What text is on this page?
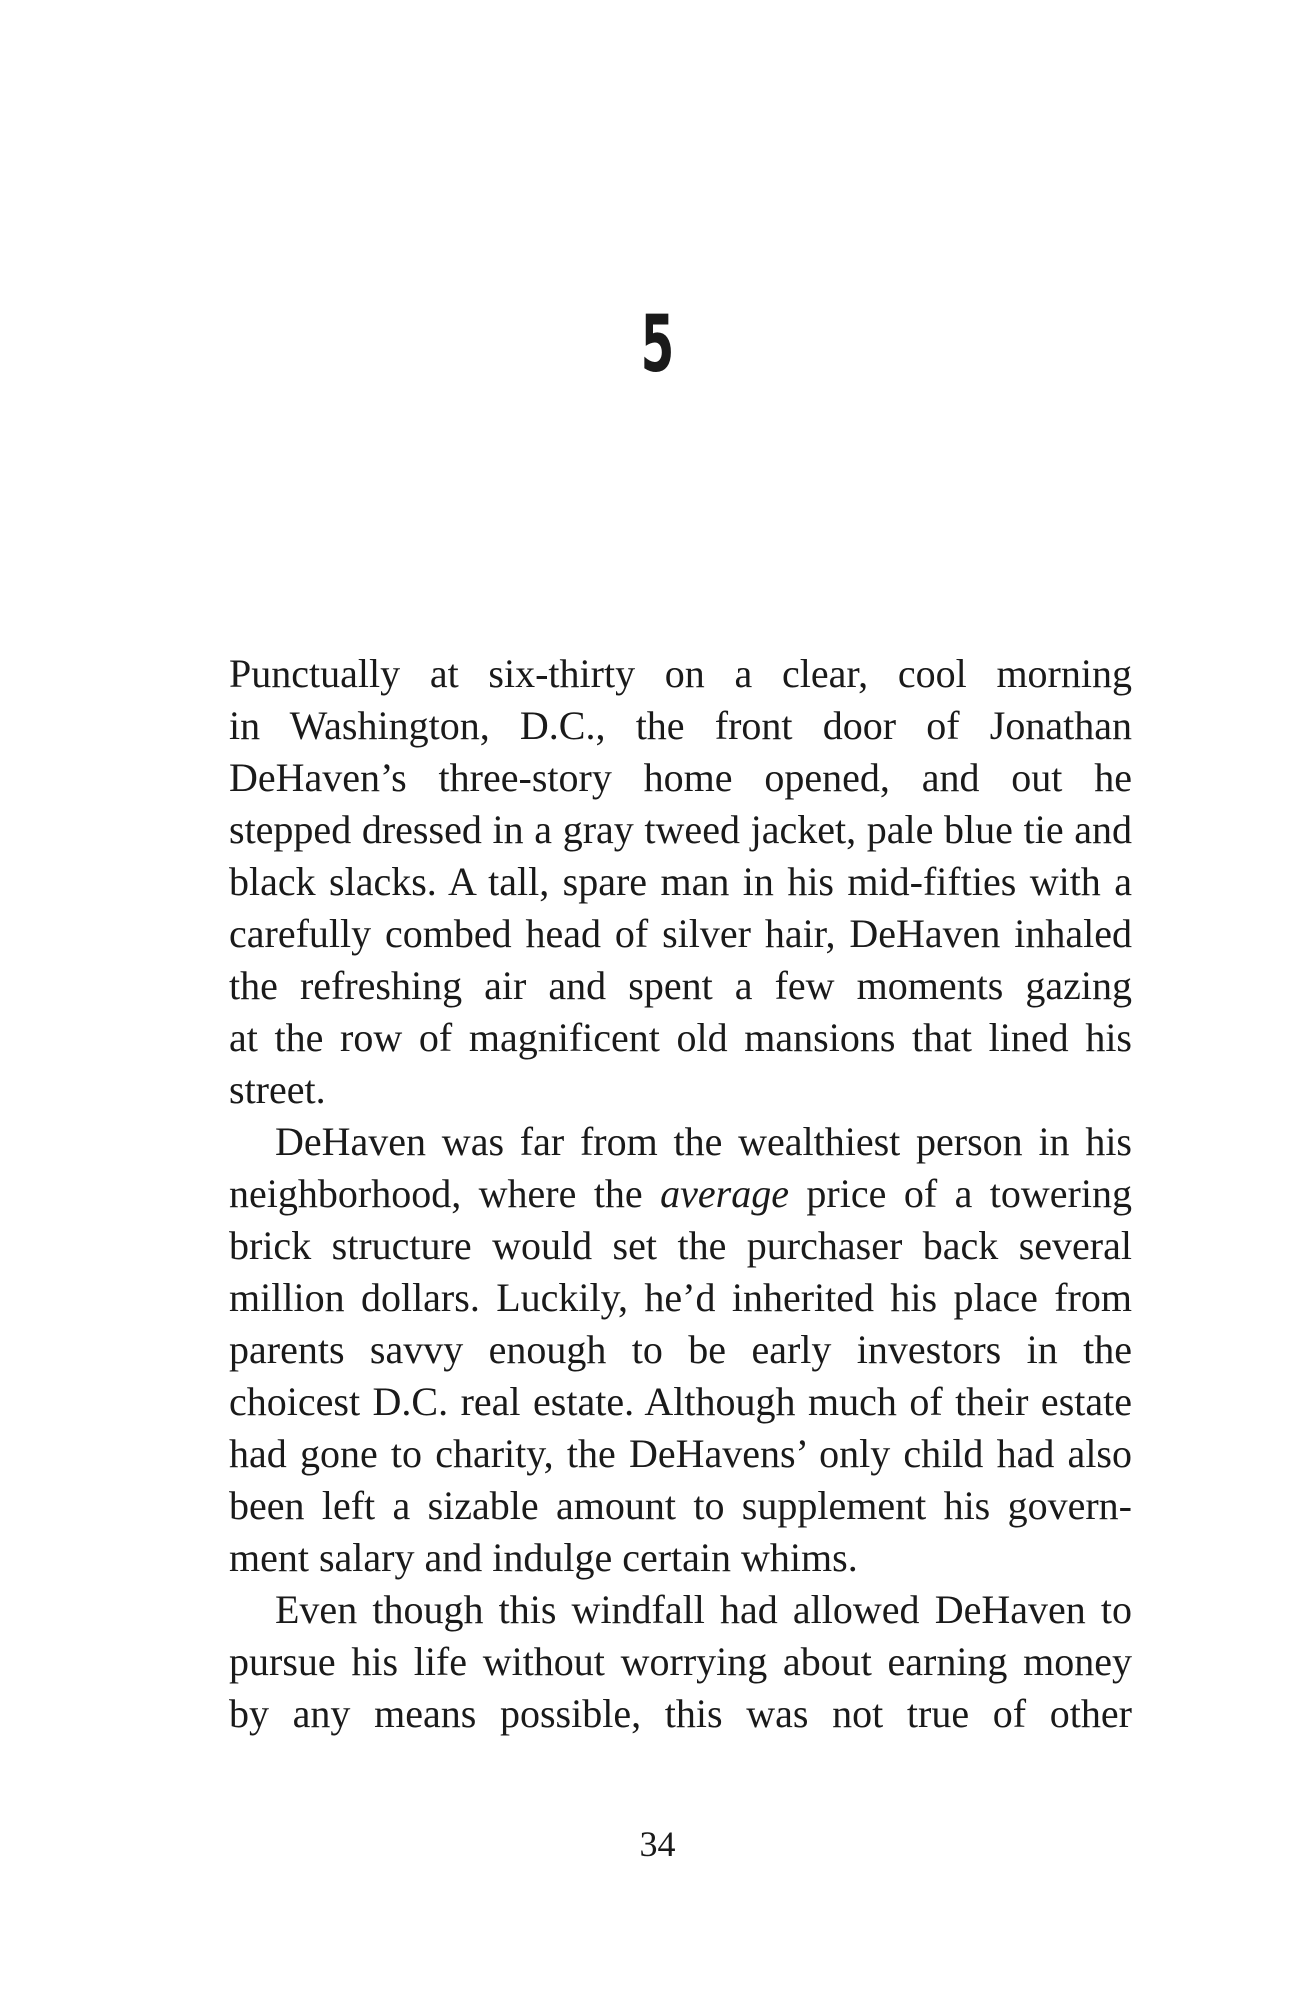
5

Punctually at six-thirty on a clear, cool morning
in Washington, D.C., the front door of Jonathan
DeHaven’s three-story home opened, and out he
stepped dressed in a gray tweed jacket, pale blue tie and
black slacks. A tall, spare man in his mid-fifties with a
carefully combed head of silver hair, DeHaven inhaled
the refreshing air and spent a few moments gazing
at the row of magnificent old mansions that lined his
street.

DeHaven was far from the wealthiest person in his
neighborhood, where the average price of a towering
brick structure would set the purchaser back several
million dollars. Luckily, he’d inherited his place from
parents savvy enough to be early investors in the
choicest D.C. real estate. Although much of their estate
had gone to charity, the DeHavens’ only child had also
been left a sizable amount to supplement his govern-
ment salary and indulge certain whims.

Even though this windfall had allowed DeHaven to
pursue his life without worrying about earning money
by any means possible, this was not true of other

34
